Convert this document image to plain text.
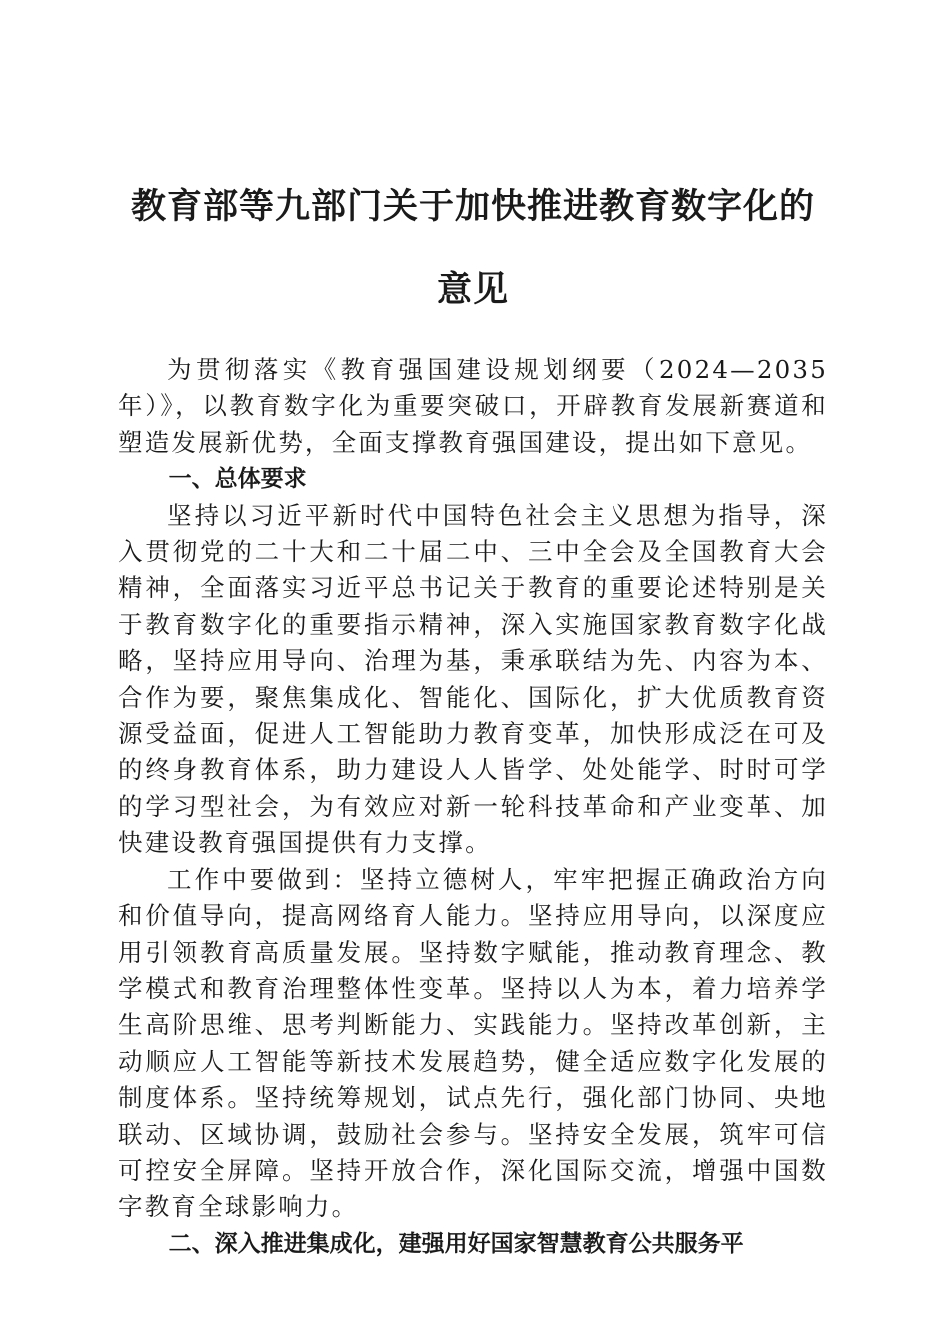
教育部等九部门关于加快推进教育数字化的意见

为贯彻落实《教育强国建设规划纲要（2024—2035年）》，以教育数字化为重要突破口，开辟教育发展新赛道和塑造发展新优势，全面支撑教育强国建设，提出如下意见。

一、总体要求

坚持以习近平新时代中国特色社会主义思想为指导，深入贯彻党的二十大和二十届二中、三中全会及全国教育大会精神，全面落实习近平总书记关于教育的重要论述特别是关于教育数字化的重要指示精神，深入实施国家教育数字化战略，坚持应用导向、治理为基，秉承联结为先、内容为本、合作为要，聚焦集成化、智能化、国际化，扩大优质教育资源受益面，促进人工智能助力教育变革，加快形成泛在可及的终身教育体系，助力建设人人皆学、处处能学、时时可学的学习型社会，为有效应对新一轮科技革命和产业变革、加快建设教育强国提供有力支撑。

工作中要做到：坚持立德树人，牢牢把握正确政治方向和价值导向，提高网络育人能力。坚持应用导向，以深度应用引领教育高质量发展。坚持数字赋能，推动教育理念、教学模式和教育治理整体性变革。坚持以人为本，着力培养学生高阶思维、思考判断能力、实践能力。坚持改革创新，主动顺应人工智能等新技术发展趋势，健全适应数字化发展的制度体系。坚持统筹规划，试点先行，强化部门协同、央地联动、区域协调，鼓励社会参与。坚持安全发展，筑牢可信可控安全屏障。坚持开放合作，深化国际交流，增强中国数字教育全球影响力。

二、深入推进集成化，建强用好国家智慧教育公共服务平
